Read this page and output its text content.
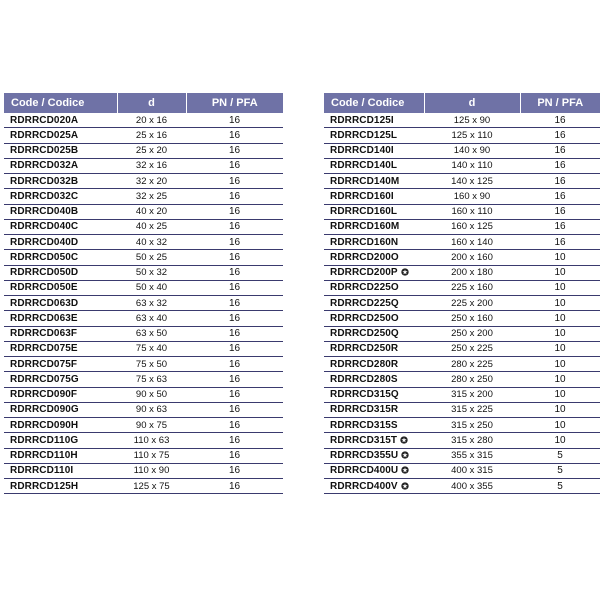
Code / Codice	d	PN / PFA
RDRRCD020A	20 x 16	16
RDRRCD025A	25 x 16	16
RDRRCD025B	25 x 20	16
RDRRCD032A	32 x 16	16
RDRRCD032B	32 x 20	16
RDRRCD032C	32 x 25	16
RDRRCD040B	40 x 20	16
RDRRCD040C	40 x 25	16
RDRRCD040D	40 x 32	16
RDRRCD050C	50 x 25	16
RDRRCD050D	50 x 32	16
RDRRCD050E	50 x 40	16
RDRRCD063D	63 x 32	16
RDRRCD063E	63 x 40	16
RDRRCD063F	63 x 50	16
RDRRCD075E	75 x 40	16
RDRRCD075F	75 x 50	16
RDRRCD075G	75 x 63	16
RDRRCD090F	90 x 50	16
RDRRCD090G	90 x 63	16
RDRRCD090H	90 x 75	16
RDRRCD110G	110 x 63	16
RDRRCD110H	110 x 75	16
RDRRCD110I	110 x 90	16
RDRRCD125H	125 x 75	16
Code / Codice	d	PN / PFA
RDRRCD125I	125 x 90	16
RDRRCD125L	125 x 110	16
RDRRCD140I	140 x 90	16
RDRRCD140L	140 x 110	16
RDRRCD140M	140 x 125	16
RDRRCD160I	160 x 90	16
RDRRCD160L	160 x 110	16
RDRRCD160M	160 x 125	16
RDRRCD160N	160 x 140	16
RDRRCD200O	200 x 160	10
RDRRCD200P	200 x 180	10
RDRRCD225O	225 x 160	10
RDRRCD225Q	225 x 200	10
RDRRCD250O	250 x 160	10
RDRRCD250Q	250 x 200	10
RDRRCD250R	250 x 225	10
RDRRCD280R	280 x 225	10
RDRRCD280S	280 x 250	10
RDRRCD315Q	315 x 200	10
RDRRCD315R	315 x 225	10
RDRRCD315S	315 x 250	10
RDRRCD315T	315 x 280	10
RDRRCD355U	355 x 315	5
RDRRCD400U	400 x 315	5
RDRRCD400V	400 x 355	5
